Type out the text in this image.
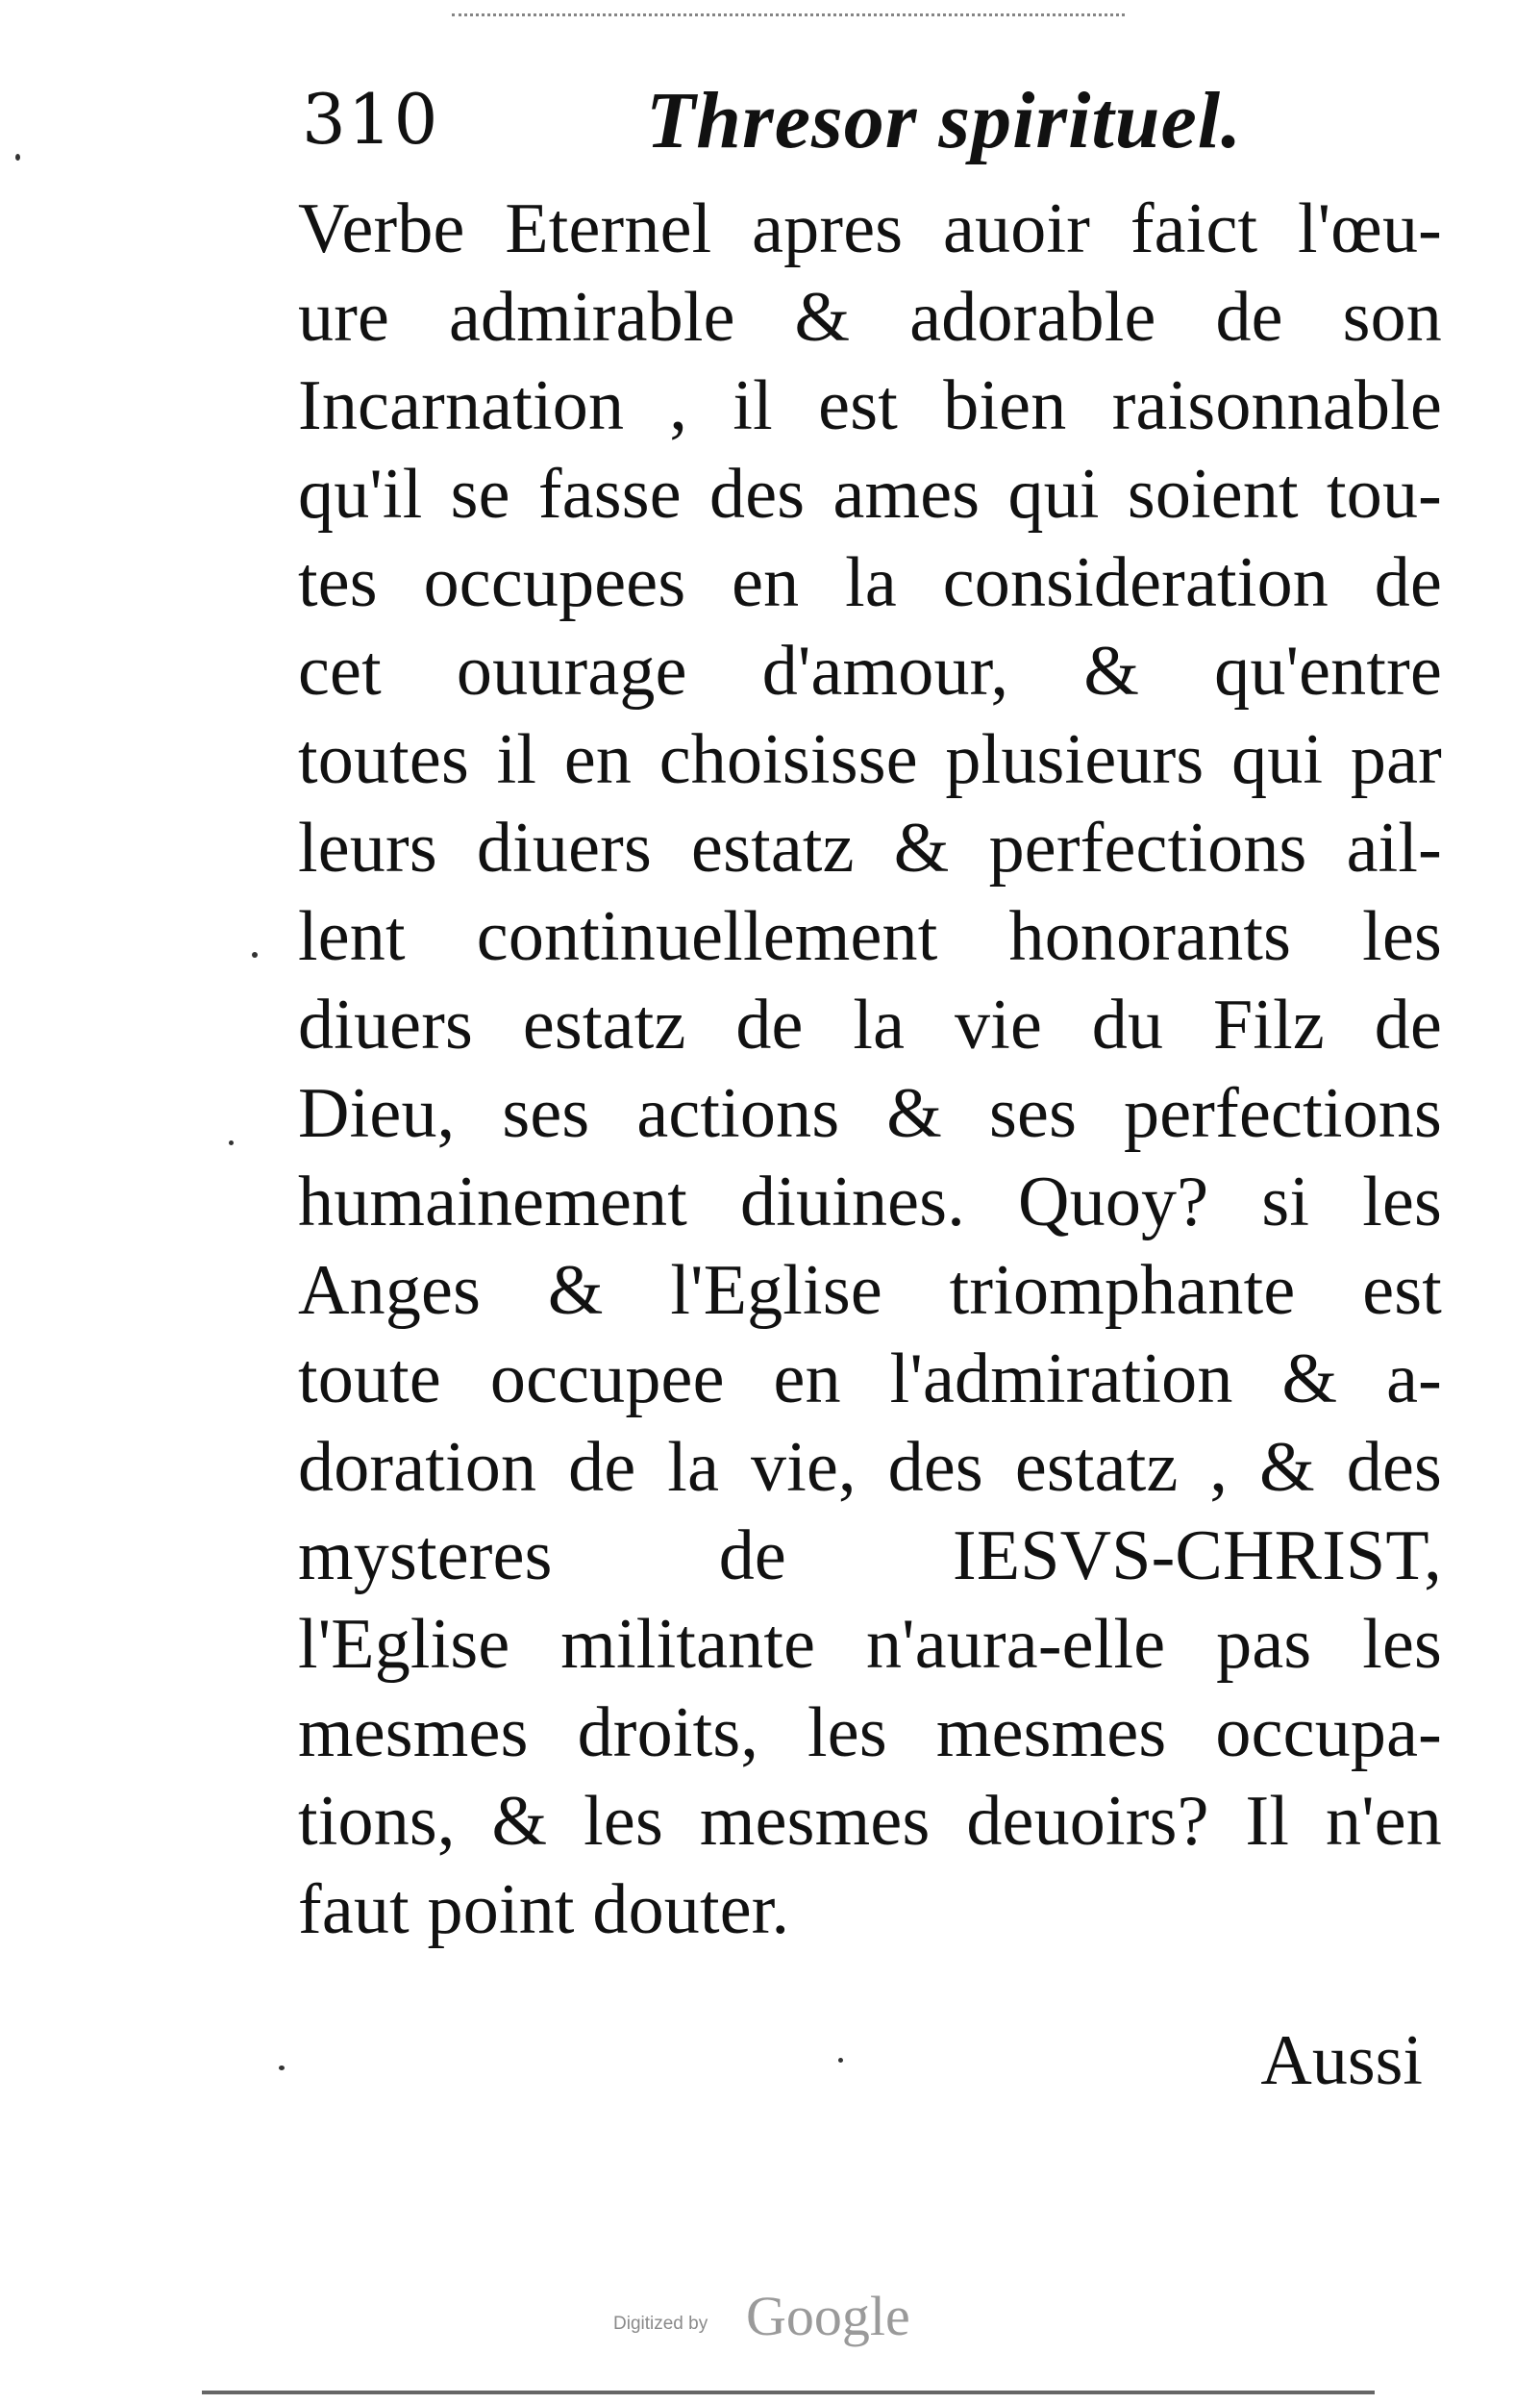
310	Thresor spirituel.
Verbe Eternel apres auoir faict l'œu-
ure admirable & adorable de son
Incarnation , il est bien raisonnable
qu'il se fasse des ames qui soient tou-
tes occupees en la consideration de
cet ouurage d'amour, & qu'entre
toutes il en choisisse plusieurs qui par
leurs diuers estatz & perfections ail-
lent continuellement honorants les
diuers estatz de la vie du Filz de
Dieu, ses actions & ses perfections
humainement diuines. Quoy? si les
Anges & l'Eglise triomphante est
toute occupee en l'admiration & a-
doration de la vie, des estatz , & des
mysteres de IESVS-CHRIST,
l'Eglise militante n'aura-elle pas les
mesmes droits, les mesmes occupa-
tions, & les mesmes deuoirs? Il n'en
faut point douter.
Aussi
Digitized by Google
